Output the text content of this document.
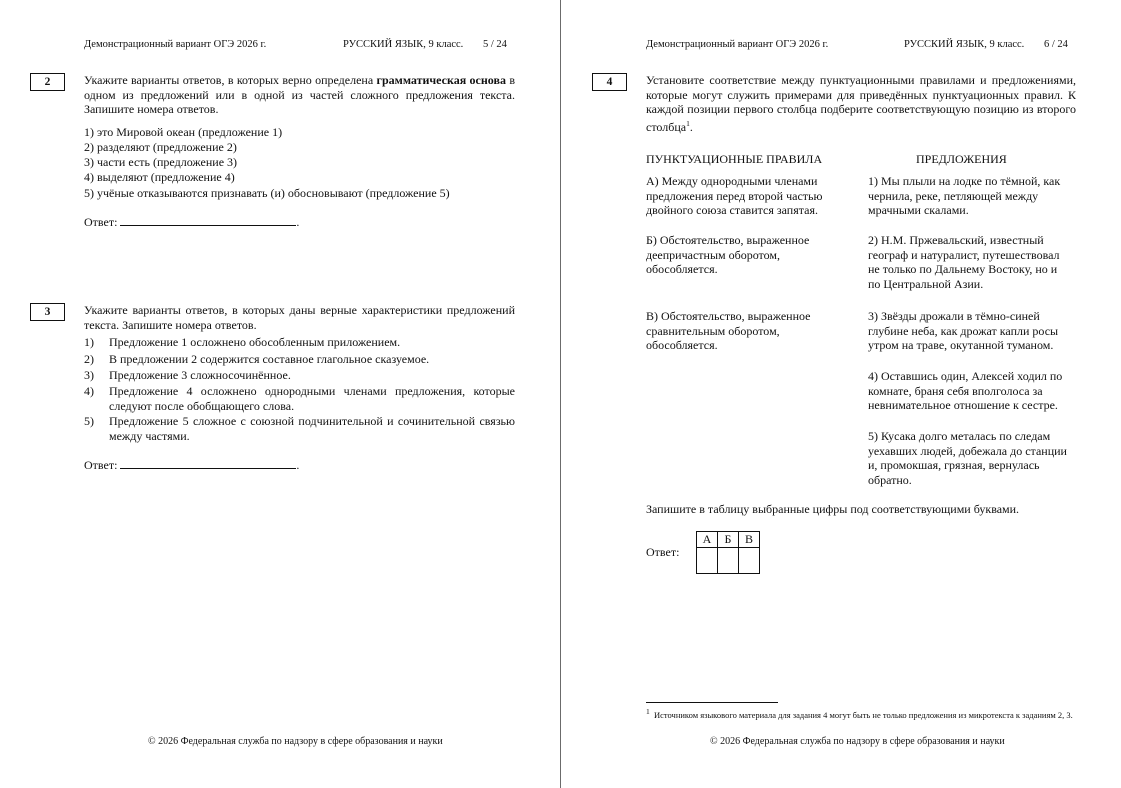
Демонстрационный вариант ОГЭ 2026 г.	РУССКИЙ ЯЗЫК, 9 класс. 5 / 24
2	Укажите варианты ответов, в которых верно определена грамматическая основа в одном из предложений или в одной из частей сложного предложения текста. Запишите номера ответов.
1) это Мировой океан (предложение 1)
2) разделяют (предложение 2)
3) части есть (предложение 3)
4) выделяют (предложение 4)
5) учёные отказываются признавать (и) обосновывают (предложение 5)
Ответ:	.
3	Укажите варианты ответов, в которых даны верные характеристики предложений текста. Запишите номера ответов.
1) Предложение 1 осложнено обособленным приложением.
2) В предложении 2 содержится составное глагольное сказуемое.
3) Предложение 3 сложносочинённое.
4) Предложение 4 осложнено однородными членами предложения, которые следуют после обобщающего слова.
5) Предложение 5 сложное с союзной подчинительной и сочинительной связью между частями.
Ответ:	.
© 2026 Федеральная служба по надзору в сфере образования и науки
Демонстрационный вариант ОГЭ 2026 г.	РУССКИЙ ЯЗЫК, 9 класс. 6 / 24
4	Установите соответствие между пунктуационными правилами и предложениями, которые могут служить примерами для приведённых пунктуационных правил. К каждой позиции первого столбца подберите соответствующую позицию из второго столбца$^1$.
ПУНКТУАЦИОННЫЕ ПРАВИЛА	ПРЕДЛОЖЕНИЯ
А) Между однородными членами предложения перед второй частью двойного союза ставится запятая.
Б) Обстоятельство, выраженное деепричастным оборотом, обособляется.
В) Обстоятельство, выраженное сравнительным оборотом, обособляется.
1) Мы плыли на лодке по тёмной, как чернила, реке, петляющей между мрачными скалами.
2) Н.М. Пржевальский, известный географ и натуралист, путешествовал не только по Дальнему Востоку, но и по Центральной Азии.
3) Звёзды дрожали в тёмно-синей глубине неба, как дрожат капли росы утром на траве, окутанной туманом.
4) Оставшись один, Алексей ходил по комнате, браня себя вполголоса за невнимательное отношение к сестре.
5) Кусака долго металась по следам уехавших людей, добежала до станции и, промокшая, грязная, вернулась обратно.
Запишите в таблицу выбранные цифры под соответствующими буквами.
Ответ:
А	Б	В

$^1$ Источником языкового материала для задания 4 могут быть не только предложения из микротекста к заданиям 2, 3.
© 2026 Федеральная служба по надзору в сфере образования и науки
